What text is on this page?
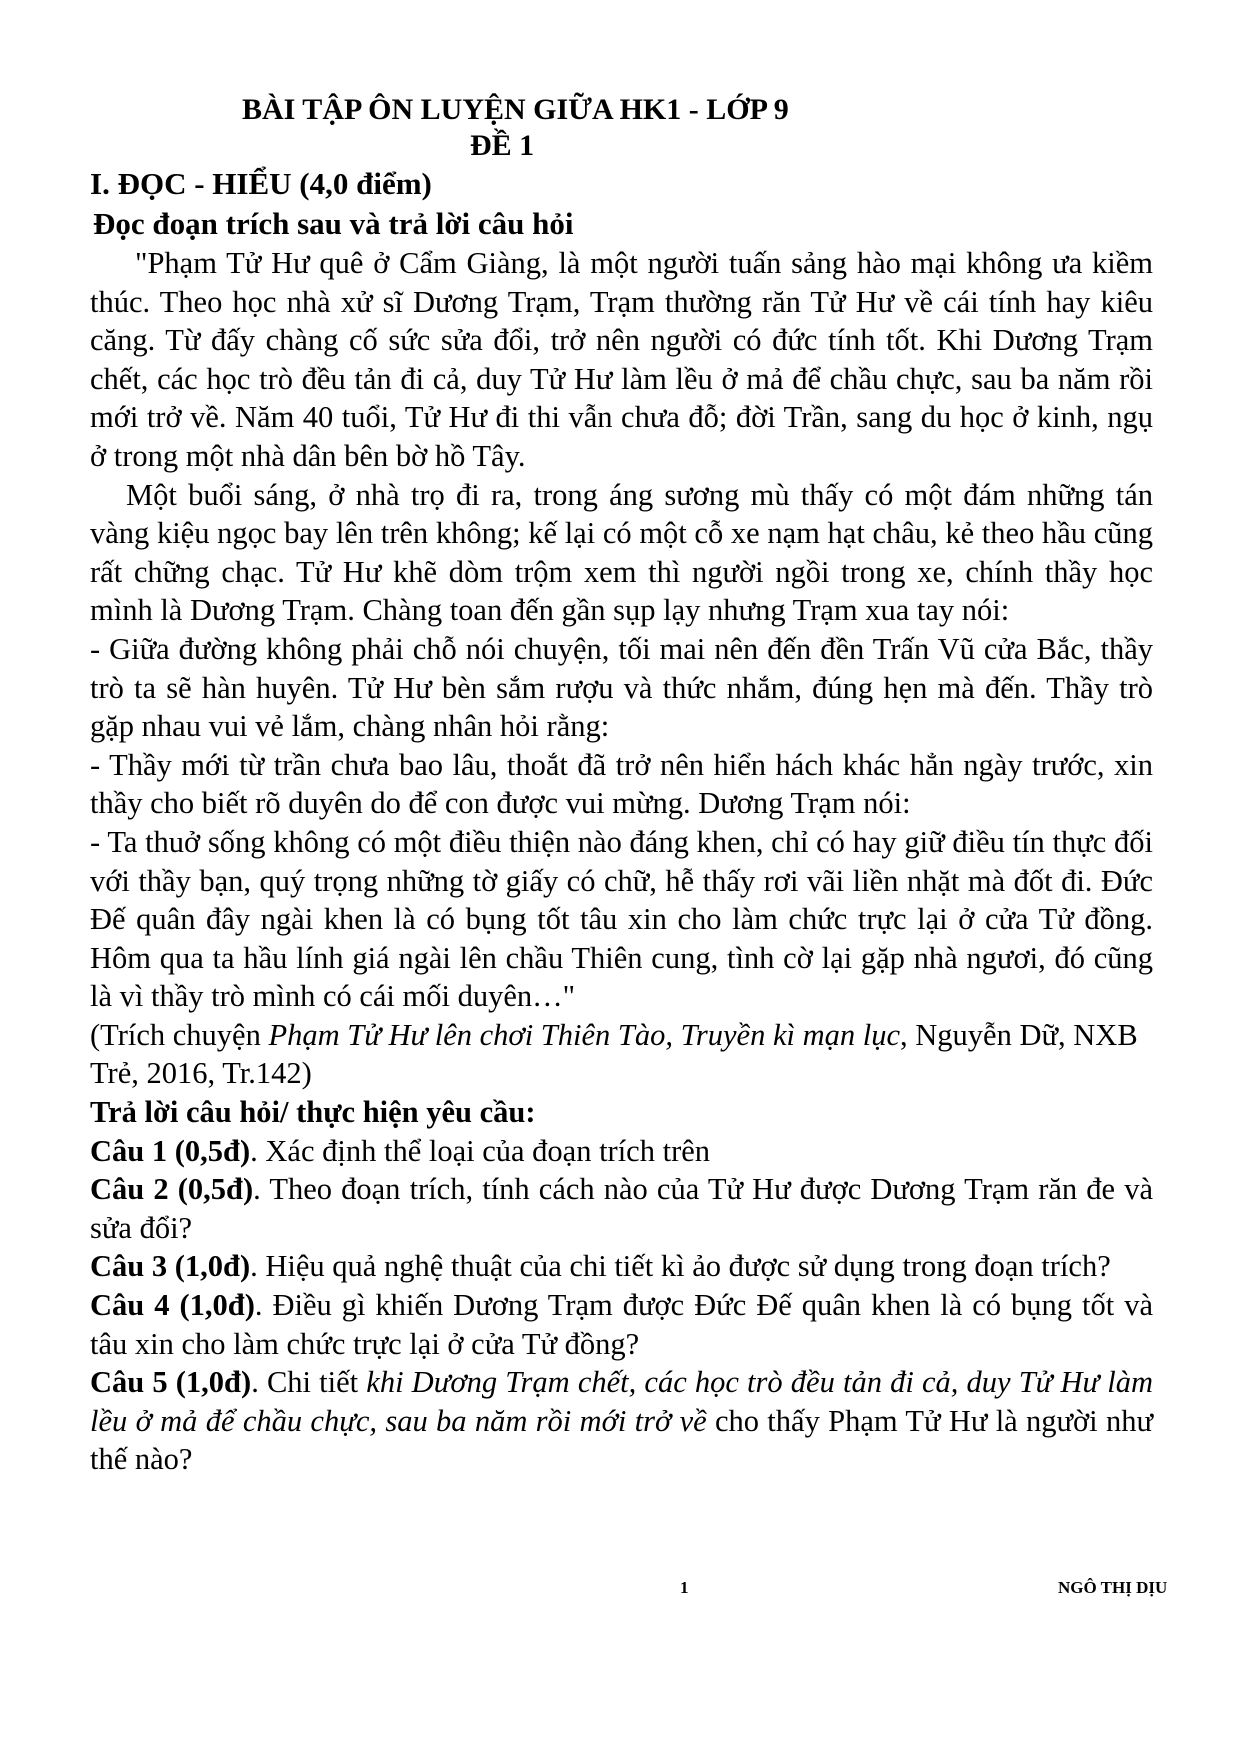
BÀI TẬP ÔN LUYỆN GIỮA HK1 - LỚP 9

ĐỀ 1

I. ĐỌC - HIỂU (4,0 điểm)

Đọc đoạn trích sau và trả lời câu hỏi

"Phạm Tử Hư quê ở Cẩm Giàng, là một người tuấn sảng hào mại không ưa kiềm thúc. Theo học nhà xử sĩ Dương Trạm, Trạm thường răn Tử Hư về cái tính hay kiêu căng. Từ đấy chàng cố sức sửa đổi, trở nên người có đức tính tốt. Khi Dương Trạm chết, các học trò đều tản đi cả, duy Tử Hư làm lều ở mả để chầu chực, sau ba năm rồi mới trở về. Năm 40 tuổi, Tử Hư đi thi vẫn chưa đỗ; đời Trần, sang du học ở kinh, ngụ ở trong một nhà dân bên bờ hồ Tây.

Một buổi sáng, ở nhà trọ đi ra, trong áng sương mù thấy có một đám những tán vàng kiệu ngọc bay lên trên không; kế lại có một cỗ xe nạm hạt châu, kẻ theo hầu cũng rất chững chạc. Tử Hư khẽ dòm trộm xem thì người ngồi trong xe, chính thầy học mình là Dương Trạm. Chàng toan đến gần sụp lạy nhưng Trạm xua tay nói:

- Giữa đường không phải chỗ nói chuyện, tối mai nên đến đền Trấn Vũ cửa Bắc, thầy trò ta sẽ hàn huyên. Tử Hư bèn sắm rượu và thức nhắm, đúng hẹn mà đến. Thầy trò gặp nhau vui vẻ lắm, chàng nhân hỏi rằng:

- Thầy mới từ trần chưa bao lâu, thoắt đã trở nên hiển hách khác hẳn ngày trước, xin thầy cho biết rõ duyên do để con được vui mừng. Dương Trạm nói:

- Ta thuở sống không có một điều thiện nào đáng khen, chỉ có hay giữ điều tín thực đối với thầy bạn, quý trọng những tờ giấy có chữ, hễ thấy rơi vãi liền nhặt mà đốt đi. Đức Đế quân đây ngài khen là có bụng tốt tâu xin cho làm chức trực lại ở cửa Tử đồng. Hôm qua ta hầu lính giá ngài lên chầu Thiên cung, tình cờ lại gặp nhà ngươi, đó cũng là vì thầy trò mình có cái mối duyên…"

(Trích chuyện Phạm Tử Hư lên chơi Thiên Tào, Truyền kì mạn lục, Nguyễn Dữ, NXB Trẻ, 2016, Tr.142)

Trả lời câu hỏi/ thực hiện yêu cầu:

Câu 1 (0,5đ). Xác định thể loại của đoạn trích trên

Câu 2 (0,5đ). Theo đoạn trích, tính cách nào của Tử Hư được Dương Trạm răn đe và sửa đổi?

Câu 3 (1,0đ). Hiệu quả nghệ thuật của chi tiết kì ảo được sử dụng trong đoạn trích?

Câu 4 (1,0đ). Điều gì khiến Dương Trạm được Đức Đế quân khen là có bụng tốt và tâu xin cho làm chức trực lại ở cửa Tử đồng?

Câu 5 (1,0đ). Chi tiết khi Dương Trạm chết, các học trò đều tản đi cả, duy Tử Hư làm lều ở mả để chầu chực, sau ba năm rồi mới trở về cho thấy Phạm Tử Hư là người như thế nào?

1	NGÔ THỊ DỊU
